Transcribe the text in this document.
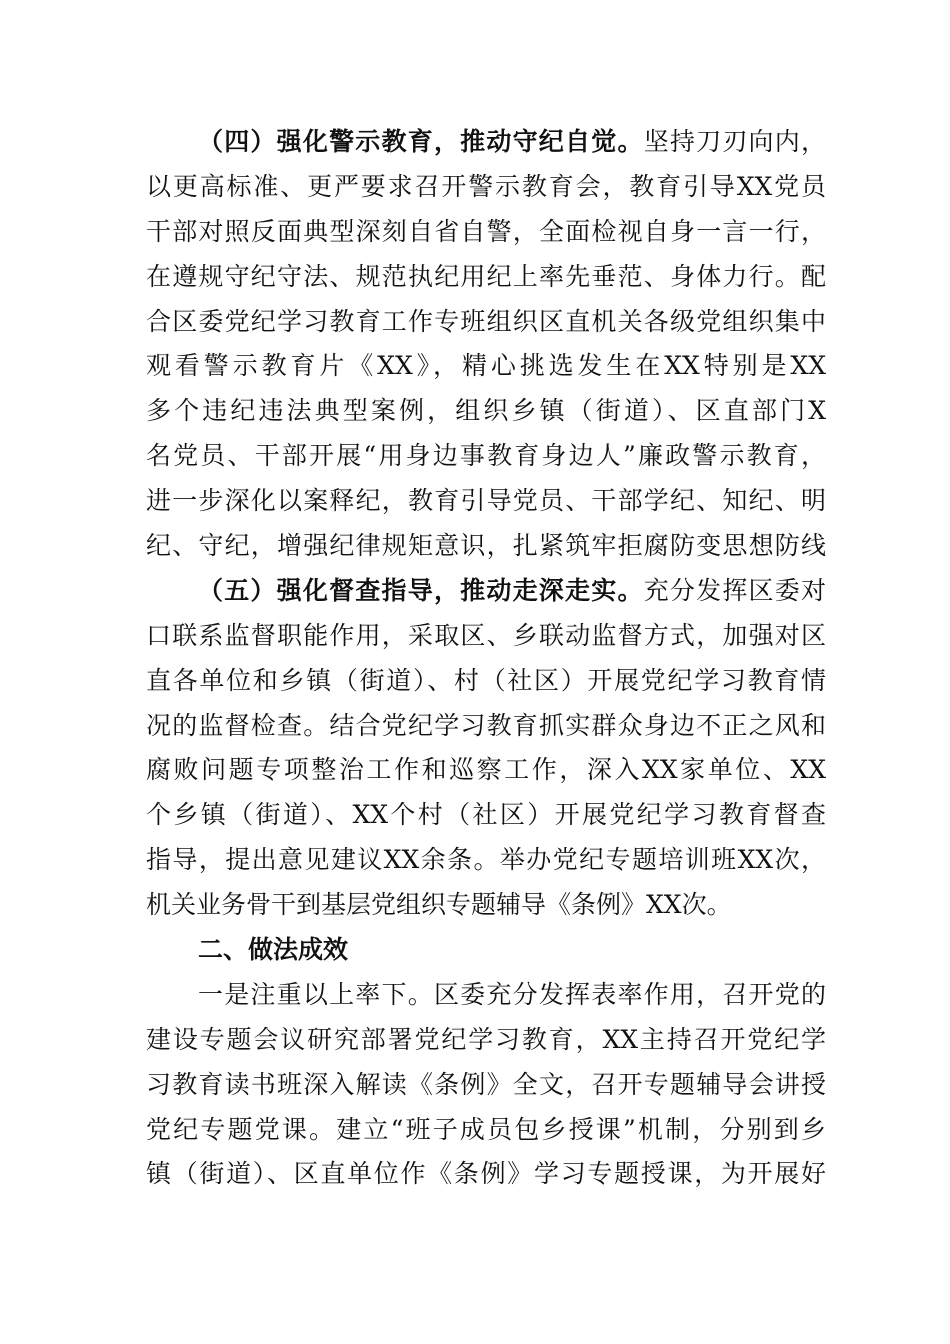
（四）强化警示教育，推动守纪自觉。坚持刀刃向内，
以更高标准、更严要求召开警示教育会，教育引导XX党员
干部对照反面典型深刻自省自警，全面检视自身一言一行，
在遵规守纪守法、规范执纪用纪上率先垂范、身体力行。配
合区委党纪学习教育工作专班组织区直机关各级党组织集中
观看警示教育片《XX》，精心挑选发生在XX特别是XX
多个违纪违法典型案例，组织乡镇（街道）、区直部门X
名党员、干部开展“用身边事教育身边人”廉政警示教育，
进一步深化以案释纪，教育引导党员、干部学纪、知纪、明
纪、守纪，增强纪律规矩意识，扎紧筑牢拒腐防变思想防线
（五）强化督查指导，推动走深走实。充分发挥区委对
口联系监督职能作用，采取区、乡联动监督方式，加强对区
直各单位和乡镇（街道）、村（社区）开展党纪学习教育情
况的监督检查。结合党纪学习教育抓实群众身边不正之风和
腐败问题专项整治工作和巡察工作，深入XX家单位、XX
个乡镇（街道）、XX个村（社区）开展党纪学习教育督查
指导，提出意见建议XX余条。举办党纪专题培训班XX次，
机关业务骨干到基层党组织专题辅导《条例》XX次。
二、做法成效
一是注重以上率下。区委充分发挥表率作用，召开党的
建设专题会议研究部署党纪学习教育，XX主持召开党纪学
习教育读书班深入解读《条例》全文，召开专题辅导会讲授
党纪专题党课。建立“班子成员包乡授课”机制，分别到乡
镇（街道）、区直单位作《条例》学习专题授课，为开展好
